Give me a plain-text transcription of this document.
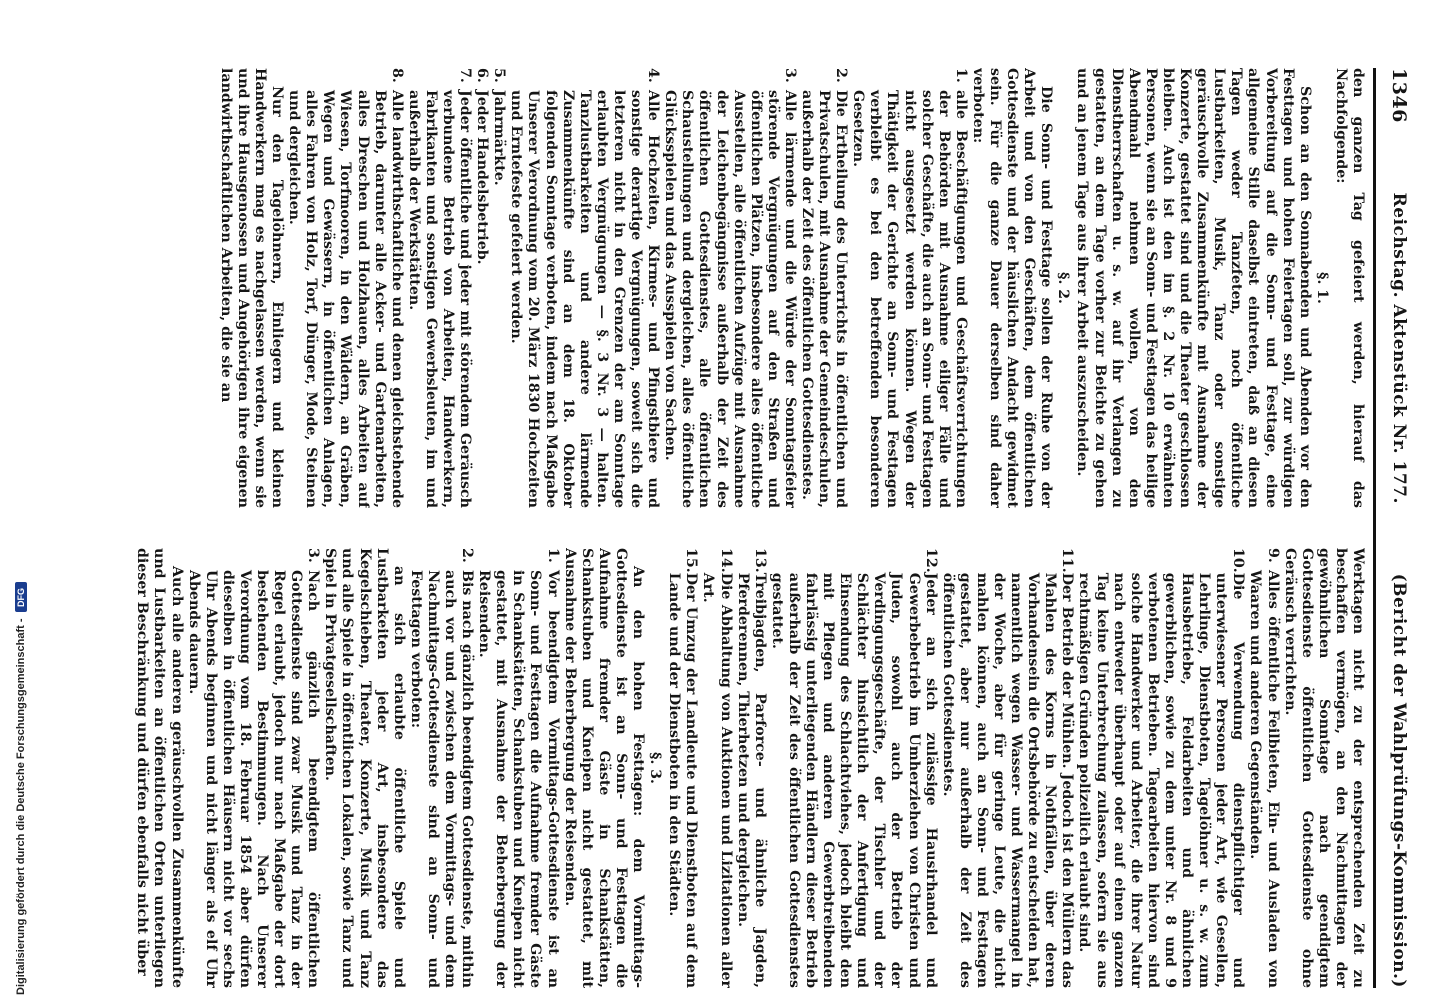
1346
Reichstag. Aktenstück Nr. 177.
(Bericht der Wahlprüfungs-Kommission.)

den ganzen Tag gefeiert werden, hierauf das Nachfolgende:

§. 1.

Schon an den Sonnabenden und Abenden vor den Festtagen und hohen Feiertagen soll, zur würdigen Vorbereitung auf die Sonn- und Festtage, eine allgemeine Stille daselbst eintreten, daß an diesen Tagen weder Tanzfeten, noch öffentliche Lustbarkeiten, Musik, Tanz oder sonstige geräuschvolle Zusammenkünfte mit Ausnahme der Konzerte, gestattet sind und die Theater geschlossen bleiben. Auch ist den im §. 2 Nr. 10 erwähnten Personen, wenn sie an Sonn- und Festtagen das heilige Abendmahl nehmen wollen, von den Dienstherrschaften u. s. w. auf ihr Verlangen zu gestatten, an dem Tage vorher zur Beichte zu gehen und an jenem Tage aus ihrer Arbeit auszuscheiden.

§. 2.

Die Sonn- und Festtage sollen der Ruhe von der Arbeit und von den Geschäften, dem öffentlichen Gottesdienste und der häuslichen Andacht gewidmet sein. Für die ganze Dauer derselben sind daher verboten:

1.
alle Beschäftigungen und Geschäftsverrichtungen der Behörden mit Ausnahme eiliger Fälle und solcher Geschäfte, die auch an Sonn- und Festtagen nicht ausgesetzt werden können. Wegen der Thätigkeit der Gerichte an Sonn- und Festtagen verbleibt es bei den betreffenden besonderen Gesetzen.
2.
Die Ertheilung des Unterrichts in öffentlichen und Privatschulen, mit Ausnahme der Gemeindeschulen, außerhalb der Zeit des öffentlichen Gottesdienstes.
3.
Alle lärmende und die Würde der Sonntagsfeier störende Vergnügungen auf den Straßen und öffentlichen Plätzen, insbesondere alles öffentliche Ausstellen, alle öffentlichen Aufzüge mit Ausnahme der Leichenbegängnisse außerhalb der Zeit des öffentlichen Gottesdienstes, alle öffentlichen Schaustellungen und dergleichen, alles öffentliche Glücksspielen und das Ausspielen von Sachen.
4.
Alle Hochzeiten, Kirmes- und Pfingstbiere und sonstige derartige Vergnügungen, soweit sich die letzteren nicht in den Grenzen der am Sonntage erlaubten Vergnügungen — §. 3 Nr. 3 — halten. Tanzlustbarkeiten und andere lärmende Zusammenkünfte sind an dem 18. Oktober folgenden Sonntage verboten, indem nach Maßgabe Unserer Verordnung vom 20. März 1830 Hochzeiten und Erntefeste gefeiert werden.
5.
Jahrmärkte.
6.
Jeder Handelsbetrieb.
7.
Jeder öffentliche und jeder mit störendem Geräusch verbundene Betrieb von Arbeiten, Handwerkern, Fabrikanten und sonstigen Gewerbsleuten, im und außerhalb der Werkstätten.
8.
Alle landwirthschaftliche und denen gleichstehende Betrieb, darunter alle Acker- und Gartenarbeiten, alles Dreschen und Holzhauen, alles Arbeiten auf Wiesen, Torfmooren, in den Wäldern, an Gräben, Wegen und Gewässern, in öffentlichen Anlagen, alles Fahren von Holz, Torf, Dünger, Mode, Steinen und dergleichen.

Nur den Tagelöhnern, Einliegern und kleinen Handwerkern mag es nachgelassen werden, wenn sie und ihre Hausgenossen und Angehörigen ihre eigenen landwirthschaftlichen Arbeiten, die sie an

Werktagen nicht zu der entsprechenden Zeit zu beschaffen vermögen, an den Nachmittagen der gewöhnlichen Sonntage nach geendigtem Gottesdienste öffentlichen Gottesdienste ohne Geräusch verrichten.

9.
Alles öffentliche Feilbieten, Ein- und Ausladen von Waaren und anderen Gegenständen.
10.
Die Verwendung dienstpflichtiger und unterwiesener Personen jeder Art, wie Gesellen, Lehrlinge, Dienstboten, Tagelöhner u. s. w. zum Hausbetriebe, Feldarbeiten und ähnlichen gewerblichen, sowie zu dem unter Nr. 8 und 9 verbotenen Betrieben. Tagearbeiten hiervon sind solche Handwerker und Arbeiter, die ihrer Natur nach entweder überhaupt oder auf einen ganzen Tag keine Unterbrechung zulassen, sofern sie aus rechtmäßigen Gründen polizeilich erlaubt sind.
11.
Der Betrieb der Mühlen. Jedoch ist den Müllern das Mahlen des Korns in Nothfällen, über deren Vorhandensein die Ortsbehörde zu entscheiden hat, namentlich wegen Wasser- und Wassermangel in der Woche, aber für geringe Leute, die nicht mahlen können, auch an Sonn- und Festtagen gestattet, aber nur außerhalb der Zeit des öffentlichen Gottesdienstes.
12.
Jeder an sich zulässige Hausirhandel und Gewerbebetrieb im Umherziehen von Christen und Juden, sowohl auch der Betrieb der Verdingungsgeschäfte, der Tischler und der Schlächter hinsichtlich der Anfertigung und Einsendung des Schlachtviehes, jedoch bleibt den mit Pflegen und anderen Gewerbtreibenden fahrlässig unterliegenden Händlern dieser Betrieb außerhalb der Zeit des öffentlichen Gottesdienstes gestattet.
13.
Treibjagden, Parforce- und ähnliche Jagden, Pferderennen, Thierhetzen und dergleichen.
14.
Die Abhaltung von Auktionen und Lizitationen aller Art.
15.
Der Umzug der Landleute und Dienstboten auf dem Lande und der Dienstboten in den Städten.
§. 3.

An den hohen Festtagen: dem Vormittags-Gottesdienste ist an Sonn- und Festtagen die Aufnahme fremder Gäste in Schankstätten, Schankstuben und Kneipen nicht gestattet, mit Ausnahme der Beherbergung der Reisenden.

1.
Vor beendigtem Vormittags-Gottesdienste ist an Sonn- und Festtagen die Aufnahme fremder Gäste in Schankstätten, Schankstuben und Kneipen nicht gestattet, mit Ausnahme der Beherbergung der Reisenden.
2.
Bis nach gänzlich beendigtem Gottesdienste, mithin auch vor und zwischen dem Vormittags- und dem Nachmittags-Gottesdienste sind an Sonn- und Festtagen verboten:

an sich erlaubte öffentliche Spiele und Lustbarkeiten jeder Art, insbesondere das Kegelschieben, Theater, Konzerte, Musik und Tanz und alle Spiele in öffentlichen Lokalen, sowie Tanz und Spiel in Privatgesellschaften.

3.
Nach gänzlich beendigtem öffentlichen Gottesdienste sind zwar Musik und Tanz in der Regel erlaubt, jedoch nur nach Maßgabe der dort bestehenden Bestimmungen. Nach Unserer Verordnung vom 18. Februar 1854 aber dürfen dieselben in öffentlichen Häusern nicht vor sechs Uhr Abends beginnen und nicht länger als elf Uhr Abends dauern.

Auch alle anderen geräuschvollen Zusammenkünfte und Lustbarkeiten an öffentlichen Orten unterliegen dieser Beschränkung und dürfen ebenfalls nicht über

Digitalisierung gefördert durch die Deutsche Forschungsgemeinschaft -
DFG
